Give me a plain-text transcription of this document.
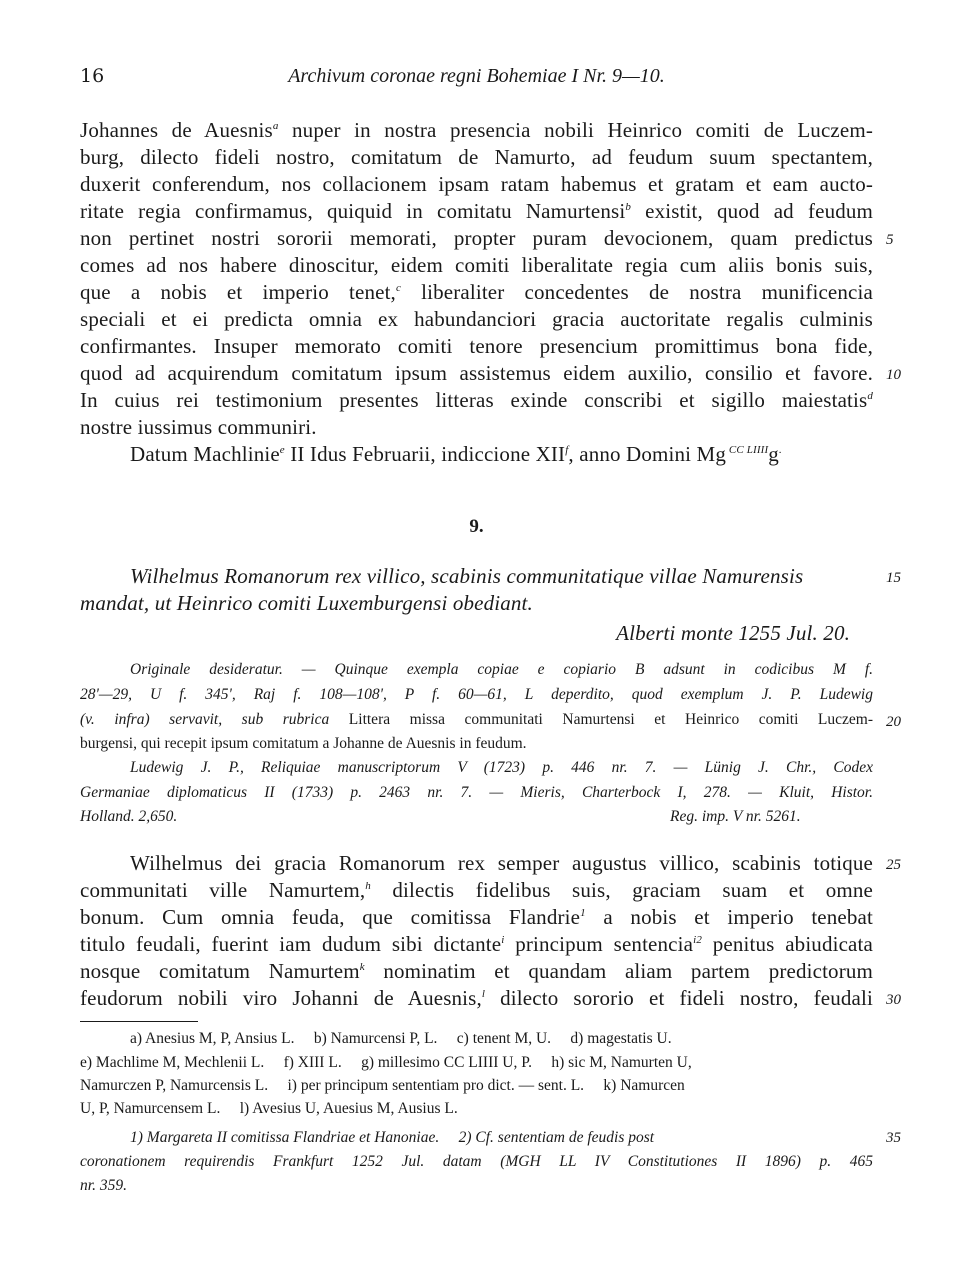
16	Archivum coronae regni Bohemiae I Nr. 9—10.
Johannes de Auesnis$^a$ nuper in nostra presencia nobili Heinrico comiti de Luczem-
burg, dilecto fideli nostro, comitatum de Namurto, ad feudum suum spectantem,
duxerit conferendum, nos collacionem ipsam ratam habemus et gratam et eam aucto-
ritate regia confirmamus, quiquid in comitatu Namurtensi$^b$ existit, quod ad feudum
non pertinet nostri sororii memorati, propter puram devocionem, quam predictus
comes ad nos habere dinoscitur, eidem comiti liberalitate regia cum aliis bonis suis,
que a nobis et imperio tenet,$^c$ liberaliter concedentes de nostra munificencia
speciali et ei predicta omnia ex habundanciori gracia auctoritate regalis culminis
confirmantes. Insuper memorato comiti tenore presencium promittimus bona fide,
quod ad acquirendum comitatum ipsum assistemus eidem auxilio, consilio et favore.
In cuius rei testimonium presentes litteras exinde conscribi et sigillo maiestatis$^d$
nostre iussimus communiri.
Datum Machlinie$^e$ II Idus Februarii, indiccione XII$^f$, anno Domini Mg $^{CC LIIII}$g.
9.
Wilhelmus Romanorum rex villico, scabinis communitatique villae Namurensis
mandat, ut Heinrico comiti Luxemburgensi obediant.
Alberti monte 1255 Jul. 20.
Originale desideratur. — Quinque exempla copiae e copiario B adsunt in codicibus M f.
28'—29, U f. 345', Raj f. 108—108', P f. 60—61, L deperdito, quod exemplum J. P. Ludewig
(v. infra) servavit, sub rubrica Littera missa communitati Namurtensi et Heinrico comiti Luczem-
burgensi, qui recepit ipsum comitatum a Johanne de Auesnis in feudum.
Ludewig J. P., Reliquiae manuscriptorum V (1723) p. 446 nr. 7. — Lünig J. Chr., Codex
Germaniae diplomaticus II (1733) p. 2463 nr. 7. — Mieris, Charterbock I, 278. — Kluit, Histor.
Holland. 2,650.	Reg. imp. V nr. 5261.
Wilhelmus dei gracia Romanorum rex semper augustus villico, scabinis totique
communitati ville Namurtem,$^h$ dilectis fidelibus suis, graciam suam et omne
bonum. Cum omnia feuda, que comitissa Flandrie$^1$ a nobis et imperio tenebat
titulo feudali, fuerint iam dudum sibi dictante$^i$ principum sentencia$^{i2}$ penitus abiudicata
nosque comitatum Namurtem$^k$ nominatim et quandam aliam partem predictorum
feudorum nobili viro Johanni de Auesnis,$^l$ dilecto sororio et fideli nostro, feudali
a) Anesius M, P, Ansius L.     b) Namurcensi P, L.     c) tenent M, U.     d) magestatis U.
e) Machlime M, Mechlenii L.     f) XIII L.     g) millesimo CC LIIII U, P.     h) sic M, Namurten U,
Namurczen P, Namurcensis L.     i) per principum sententiam pro dict. — sent. L.     k) Namurcen
U, P, Namurcensem L.     l) Avesius U, Auesius M, Ausius L.
1) Margareta II comitissa Flandriae et Hanoniae.     2) Cf. sententiam de feudis post
coronationem requirendis Frankfurt 1252 Jul. datam (MGH LL IV Constitutiones II 1896) p. 465
nr. 359.
5
10
15
20
25
30
35
